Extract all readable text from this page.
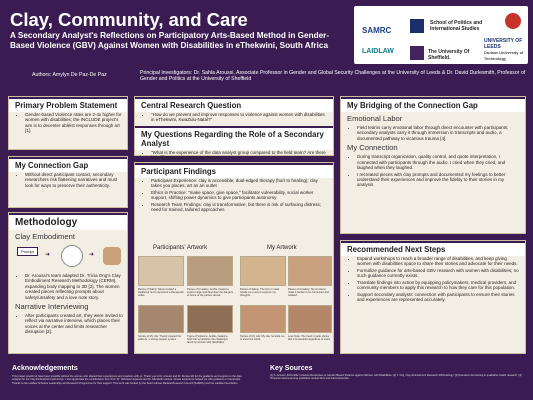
Clay, Community, and Care
A Secondary Analyst's Reflections on Participatory Arts-Based Method in Gender-Based Violence (GBV) Against Women with Disabilities in eThekwini, South Africa
SAMRC
School of Politics and International Studies
UNIVERSITY OF LEEDS
LAIDLAW	The University Of Sheffield.
Durban University of Technology
Authors: Amylyn De Paz-De Paz	Principal Investigators: Dr. Sahla Aroussi, Associate Professor in Gender and Global Security Challenges at the University of Leeds & Dr. David Durlesmith, Professor of Gender and Politics at the University of Sheffield
Primary Problem Statement
• Gender-based Violence rates are 2-4x higher for women with disabilities; the INCLUDE project's aim is to decenter ableist responses through art [1].
My Connection Gap
• Without direct participant contact, secondary researchers risk flattening narratives and must look for ways to preserve their authenticity.
Methodology
Clay Embodiment
Prompt
➜	➜
• Dr. Aroussi's team adapted Dr. Tricia Ong's Clay Embodiment Research Methodology (CERM), expanding body mapping to 3D [2]. The women created pieces reflecting prompts about safety/unsafety and a love note story.
Narrative Interviewing
• After participants created art, they were invited to reflect via narrative interview, which places their voices at the center and limits researcher disruption [3].
Central Research Question
• "How do we prevent and improve responses to violence against women with disabilities in eThekwini, KwaZulu-Natal?"
My Questions Regarding the Role of a Secondary Analyst
• "What is the experience of the data analyst group compared to the field team? Are there big differences in their experiences?"
Participant Findings
• Participant Experience: clay is accessible, dual-edged therapy (hurt to healing); clay takes you places, art as an outlet
• Ethics in Practice: "make space, give space," facilitator vulnerability, social worker support, shifting power dynamics to give participants autonomy
• Research Team Findings: clay is transformative, but there is risk of surfacing distress; need for trained, tailored approaches
Participants' Artwork	My Artwork
Pieces of Safety: Nkosi created a traditional hut to represent a therapeutic outlet.
Pieces of Unsafety: Andile created a snake image and describes the dangers at home of the partner abuse.
Pieces of Safety: The form I made hands me a way to express my thoughts.
Pieces of Unsafety: My emotions make it harder to be connected and isolated.
Stories of My Life: Thandi created the patients, a strong support system.
Types of Violence: Andile created a hole that symbolizes the challenges faced by women with disabilities.
Stories of My Life: My clay reminds me to show the world.
Love Note: The heart I made shows that it is beautiful regardless of scars.
My Bridging of the Connection Gap
Emotional Labor
• Field teams carry emotional labor through direct encounter with participants; secondary analysts carry it through immersion in transcripts and audio, a documented pathway to vicarious trauma [4].
My Connection
• During transcript organization, quality control, and quote interpretation, I connected with participants through the audio. I cried when they cried, and laughed when they laughed.
• I recreated pieces with clay prompts and documented my feelings to better understand their experiences and improve the fidelity to their stories in my analysis.
Recommended Next Steps
• Expand workshops to reach a broader range of disabilities, and keep giving women with disabilities space to share their stories and advocate for their needs.
• Formalize guidance for arts-based GBV research with women with disabilities; no such guidance currently exists.
• Translate findings into action by equipping policymakers, medical providers, and community members to apply this research to how they care for this population.
• Support secondary analysts' connection with participants to ensure their stories and experiences are represented accurately.
Acknowledgements
This project would not have been possible without the women who shared their experiences and creations with us. Thank you to Dr. Aroussi and Dr. Durlesmith for the guidance and support on the data analysis for the Clay Embodiment workshops. I also appreciate the contributions from Prof. Dr. Nicholas Hopwood and Dr. Elizabeth Lebese, whose experience helped me with guidance on transcripts. Thanks to the Laidlaw Scholars Leadership and Research Programme for their support. This work was funded by the South African Medical Research Council (SAMRC) and the Laidlaw Foundation.
Key Sources
[1] S. Aroussi, INCLUDE: Inclusive Responses to Gender-Based Violence against Women with Disabilities. [2] T. Ong, Clay Embodiment Research Methodology. [3] Narrative interviewing in qualitative health research. [4] Vicarious trauma among qualitative researchers and transcriptionists.
